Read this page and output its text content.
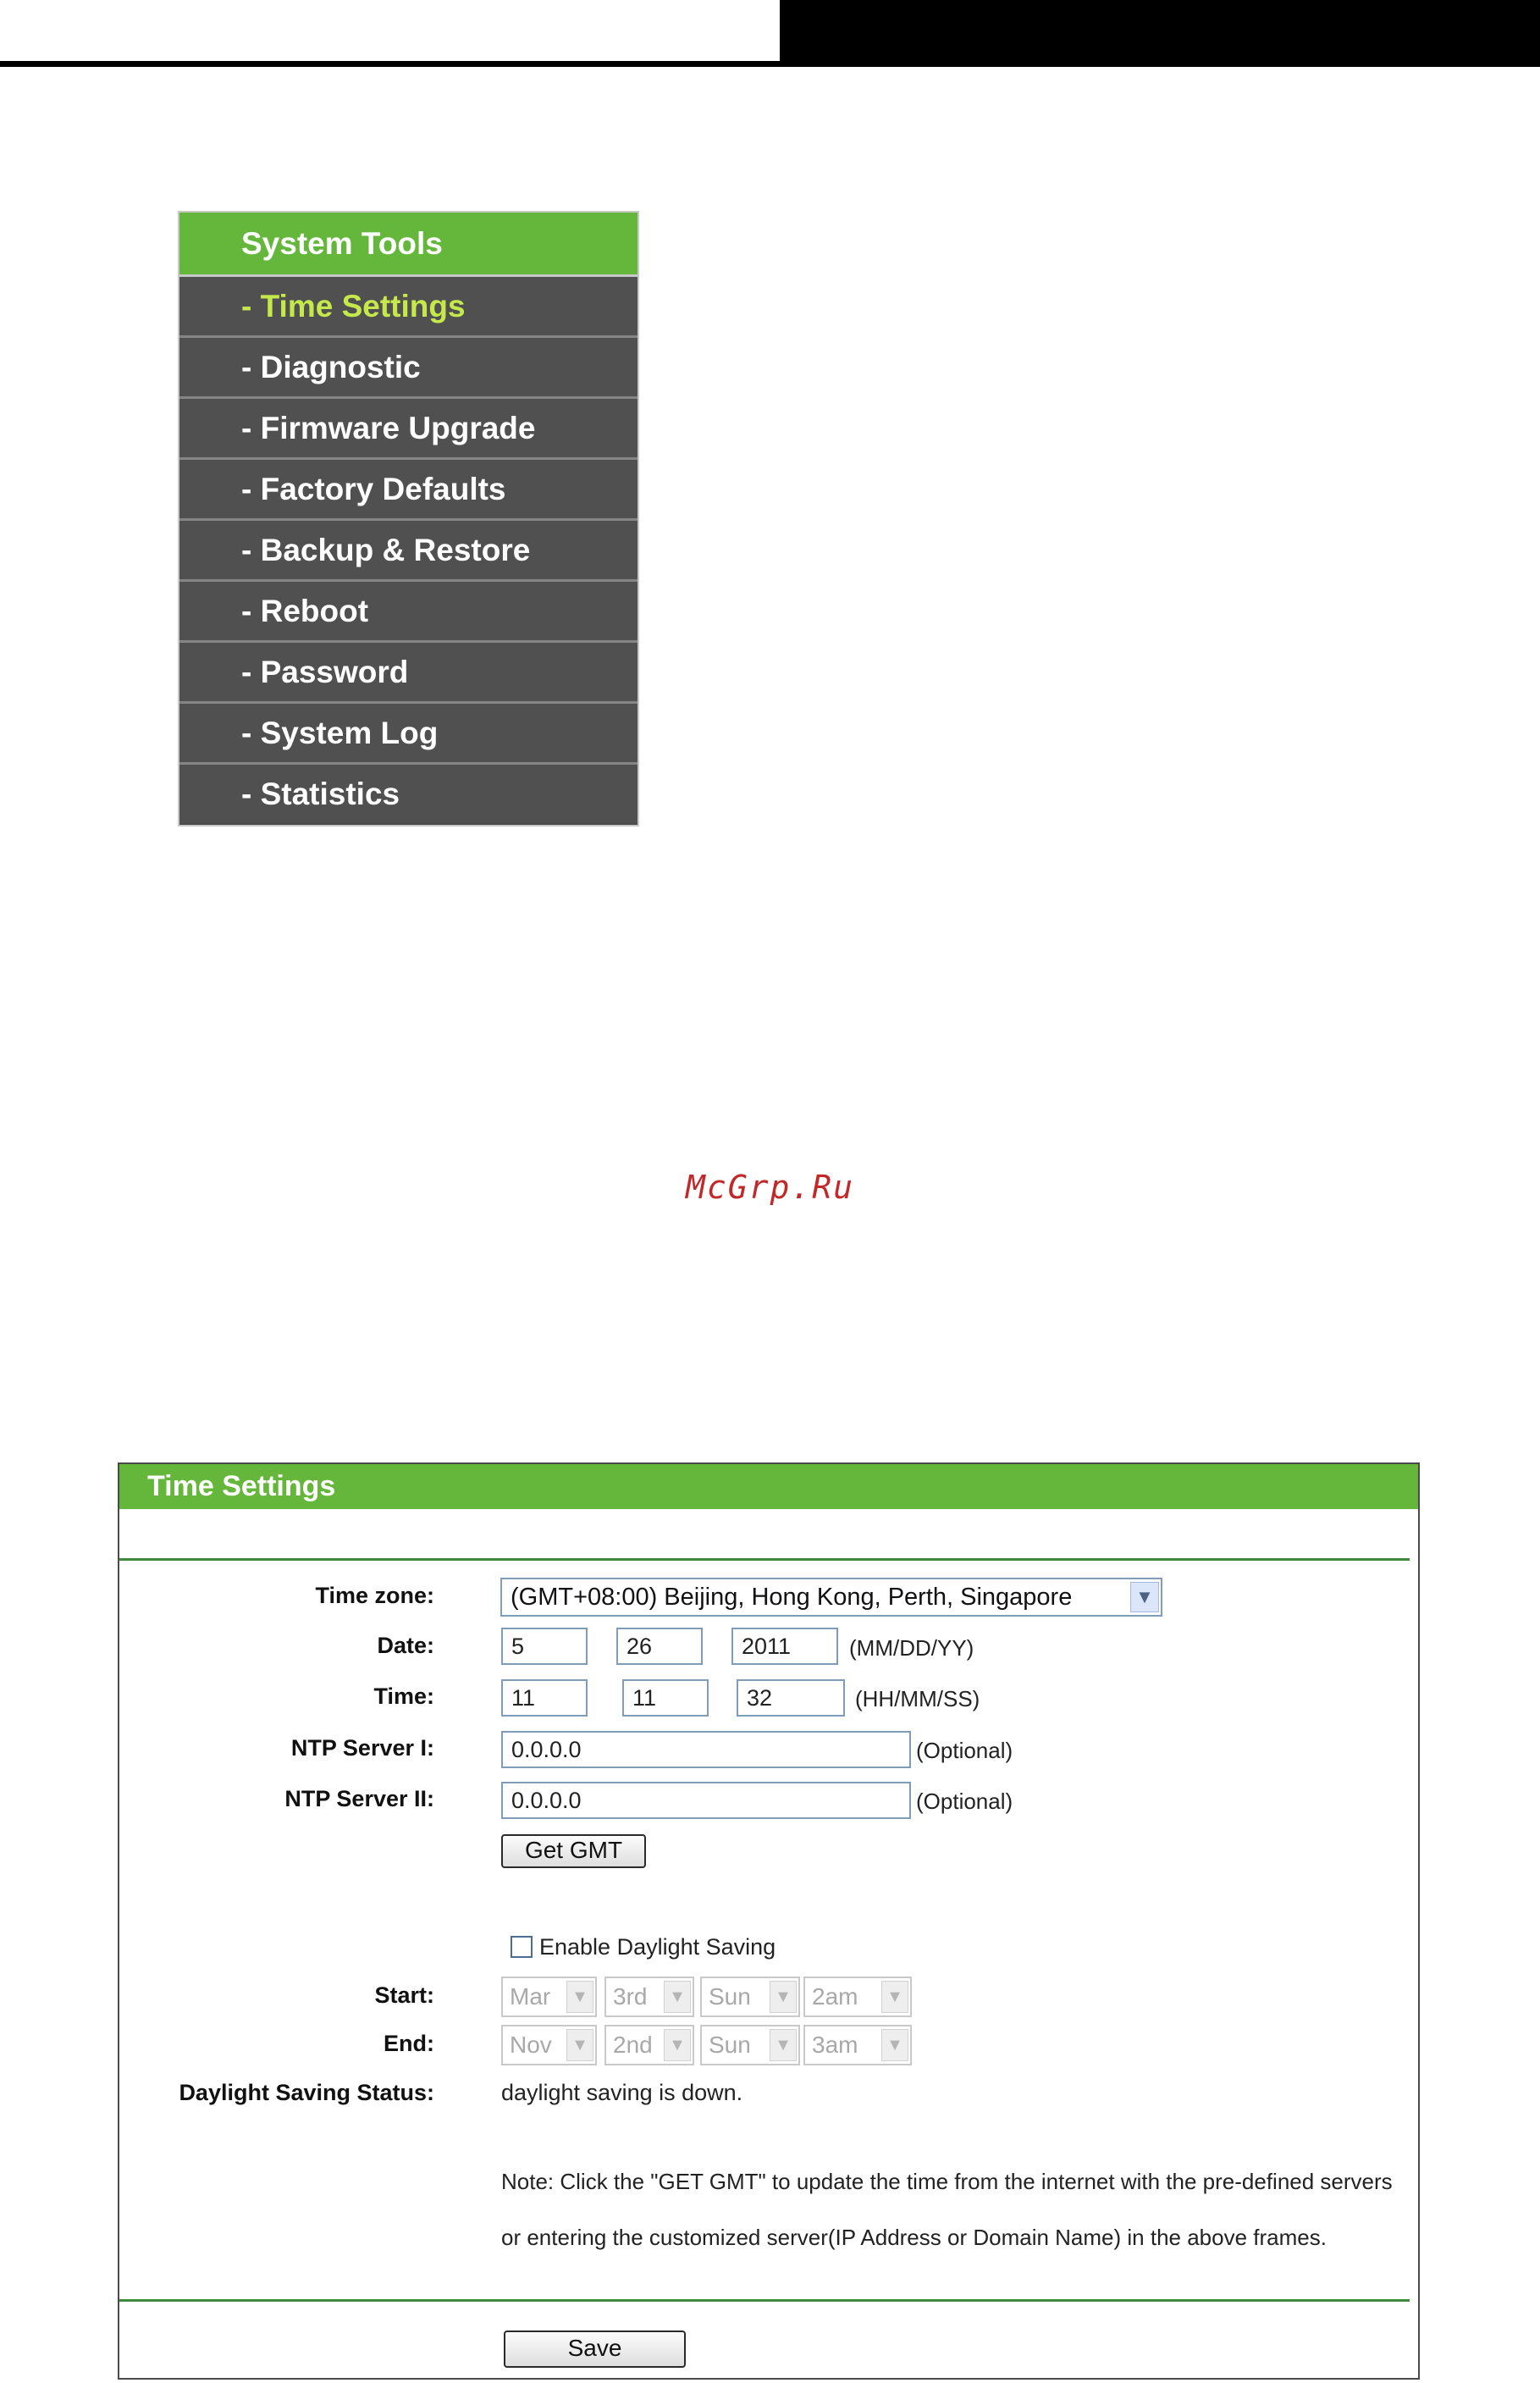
System Tools
- Time Settings
- Diagnostic
- Firmware Upgrade
- Factory Defaults
- Backup & Restore
- Reboot
- Password
- System Log
- Statistics
McGrp.Ru
Time Settings
Time zone:	(GMT+08:00) Beijing, Hong Kong, Perth, Singapore	▼
Date:	5	26	2011	(MM/DD/YY)
Time:	11	11	32	(HH/MM/SS)
NTP Server I:	0.0.0.0	(Optional)
NTP Server II:	0.0.0.0	(Optional)
Get GMT
Enable Daylight Saving
Start:	Mar	▼	3rd	▼ Sun	▼ 2am	▼
End:	Nov	▼	2nd ▼ Sun	▼ 3am	▼
Daylight Saving Status:	daylight saving is down.
Note: Click the "GET GMT" to update the time from the internet with the pre-defined servers
or entering the customized server(IP Address or Domain Name) in the above frames.
Save
